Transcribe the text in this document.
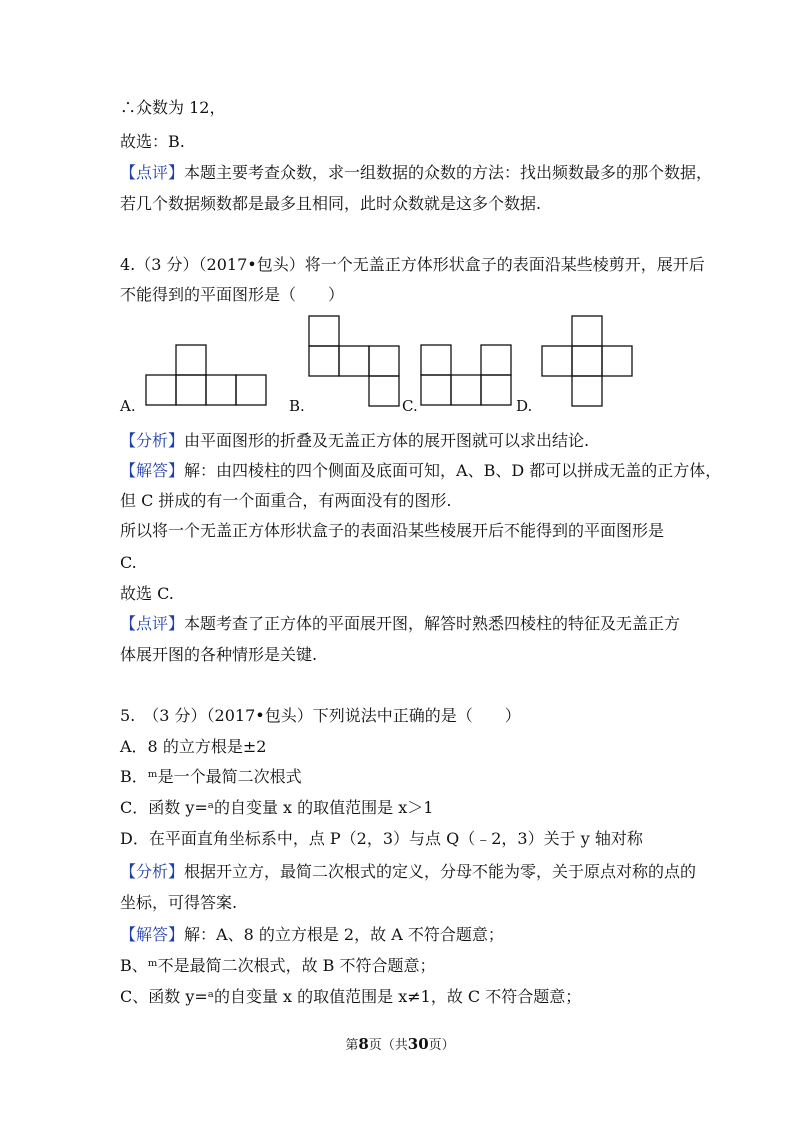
∴众数为 12，
故选：B.
【点评】本题主要考查众数，求一组数据的众数的方法：找出频数最多的那个数据，
若几个数据频数都是最多且相同，此时众数就是这多个数据.
4.（3 分）（2017•包头）将一个无盖正方体形状盒子的表面沿某些棱剪开，展开后
不能得到的平面图形是（　　）
A.	B.	C.	D.
【分析】由平面图形的折叠及无盖正方体的展开图就可以求出结论.
【解答】解：由四棱柱的四个侧面及底面可知，A、B、D 都可以拼成无盖的正方体，
但 C 拼成的有一个面重合，有两面没有的图形.
所以将一个无盖正方体形状盒子的表面沿某些棱展开后不能得到的平面图形是
C.
故选 C.
【点评】本题考查了正方体的平面展开图，解答时熟悉四棱柱的特征及无盖正方
体展开图的各种情形是关键.
5.　（3 分）（2017•包头）下列说法中正确的是（　　）
A．8 的立方根是±2
B．ᵐ是一个最简二次根式
C．函数 y=ᵃ的自变量 x 的取值范围是 x＞1
D．在平面直角坐标系中，点 P（2，3）与点 Q（﹣2，3）关于 y 轴对称
【分析】根据开立方，最简二次根式的定义，分母不能为零，关于原点对称的点的
坐标，可得答案.
【解答】解：A、8 的立方根是 2，故 A 不符合题意；
B、ᵐ不是最简二次根式，故 B 不符合题意；
C、函数 y=ᵃ的自变量 x 的取值范围是 x≠1，故 C 不符合题意；
第8页（共30页）
